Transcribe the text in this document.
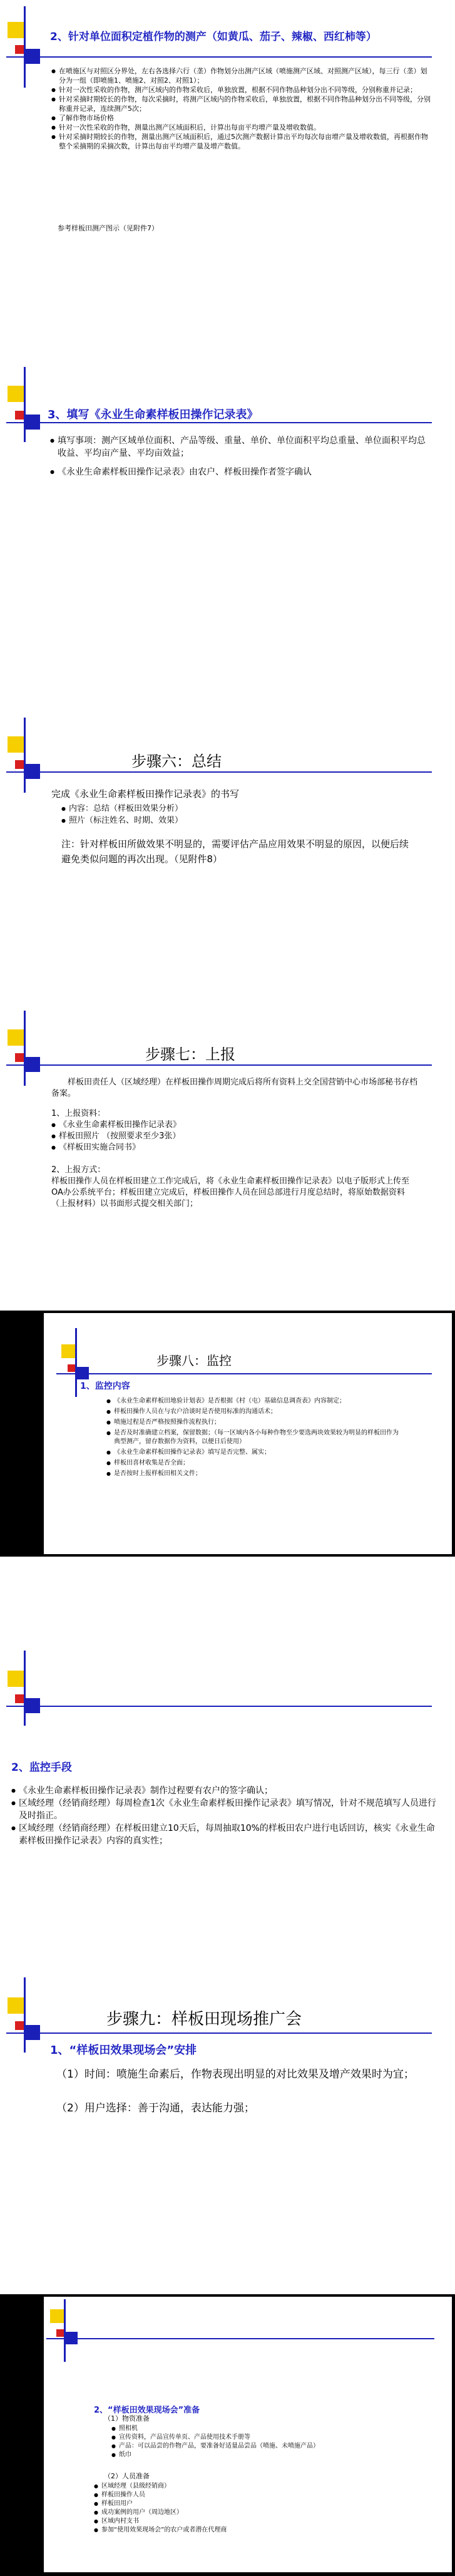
2、针对单位面积定植作物的测产（如黄瓜、茄子、辣椒、西红柿等）
● 在喷施区与对照区分界处，左右各选择六行（垄）作物划分出测产区域（喷施测产区域、对照测产区域），每三行（垄）划分为一组（即喷施1、喷施2、对照2、对照1）；
● 针对一次性采收的作物，测产区域内的作物采收后，单独放置，根据不同作物品种划分出不同等级，分别称重并记录；
● 针对采摘时期较长的作物，每次采摘时，将测产区域内的作物采收后，单独放置，根据不同作物品种划分出不同等级，分别称重并记录，连续测产5次；
● 了解作物市场价格
● 针对一次性采收的作物，测量出测产区域面积后，计算出每亩平均增产量及增收数值。
● 针对采摘时期较长的作物，测量出测产区域面积后，通过5次测产数据计算出平均每次每亩增产量及增收数值，再根据作物整个采摘期的采摘次数，计算出每亩平均增产量及增产数值。
参考样板田测产图示（见附件7）
3、填写《永业生命素样板田操作记录表》
● 填写事项：测产区域单位面积、产品等级、重量、单价、单位面积平均总重量、单位面积平均总收益、平均亩产量、平均亩效益；
● 《永业生命素样板田操作记录表》由农户、样板田操作者签字确认
步骤六：总结
完成《永业生命素样板田操作记录表》的书写
● 内容：总结（样板田效果分析）
● 照片（标注姓名、时期、效果）
注：针对样板田所做效果不明显的，需要评估产品应用效果不明显的原因，以便后续避免类似问题的再次出现。（见附件8）
步骤七：上报
样板田责任人（区域经理）在样板田操作周期完成后将所有资料上交全国营销中心市场部秘书存档备案。
1、上报资料：
● 《永业生命素样板田操作记录表》
● 样板田照片 （按照要求至少3张）
● 《样板田实施合同书》
2、上报方式：
样板田操作人员在样板田建立工作完成后，将《永业生命素样板田操作记录表》以电子版形式上传至OA办公系统平台；样板田建立完成后，样板田操作人员在回总部进行月度总结时，将原始数据资料（上报材料）以书面形式提交相关部门；
步骤八：监控
1、监控内容
● 《永业生命素样板田地验计划表》是否根据《村（屯）基础信息调查表》内容制定；
● 样板田操作人员在与农户洽谈时是否使用标准的沟通话术；
● 喷施过程是否严格按照操作流程执行；
● 是否及时准确建立档案，保留数据；（每一区域内各小每种作物至少要选两块效果较为明显的样板田作为典型测产，留存数据作为资料，以便日后使用）
● 《永业生命素样板田操作记录表》填写是否完整、属实；
● 样板田喜材收集是否全面；
● 是否按时上报样板田相关文件；
2、监控手段
● 《永业生命素样板田操作记录表》制作过程要有农户的签字确认；
● 区域经理（经销商经理）每周检查1次《永业生命素样板田操作记录表》填写情况，针对不规范填写人员进行及时指正。
● 区域经理（经销商经理）在样板田建立10天后，每周抽取10%的样板田农户进行电话回访，核实《永业生命素样板田操作记录表》内容的真实性；
步骤九：样板田现场推广会
1、“样板田效果现场会”安排
（1）时间：喷施生命素后，作物表现出明显的对比效果及增产效果时为宜；
（2）用户选择：善于沟通，表达能力强；
2、“样板田效果现场会”准备
（1）物资准备
● 照相机
● 宣传资料，产品宣传单页、产品使用技术手册等
● 产品：可以品尝的作物产品，要准备好适量品尝品（喷施、未喷施产品）
● 纸巾
（2）人员准备
● 区域经理（县级经销商）
● 样板田操作人员
● 样板田用户
● 成功案例的用户（周边地区）
● 区域内村支书
● 参加“使用效果现场会”的农户或者潜在代理商
